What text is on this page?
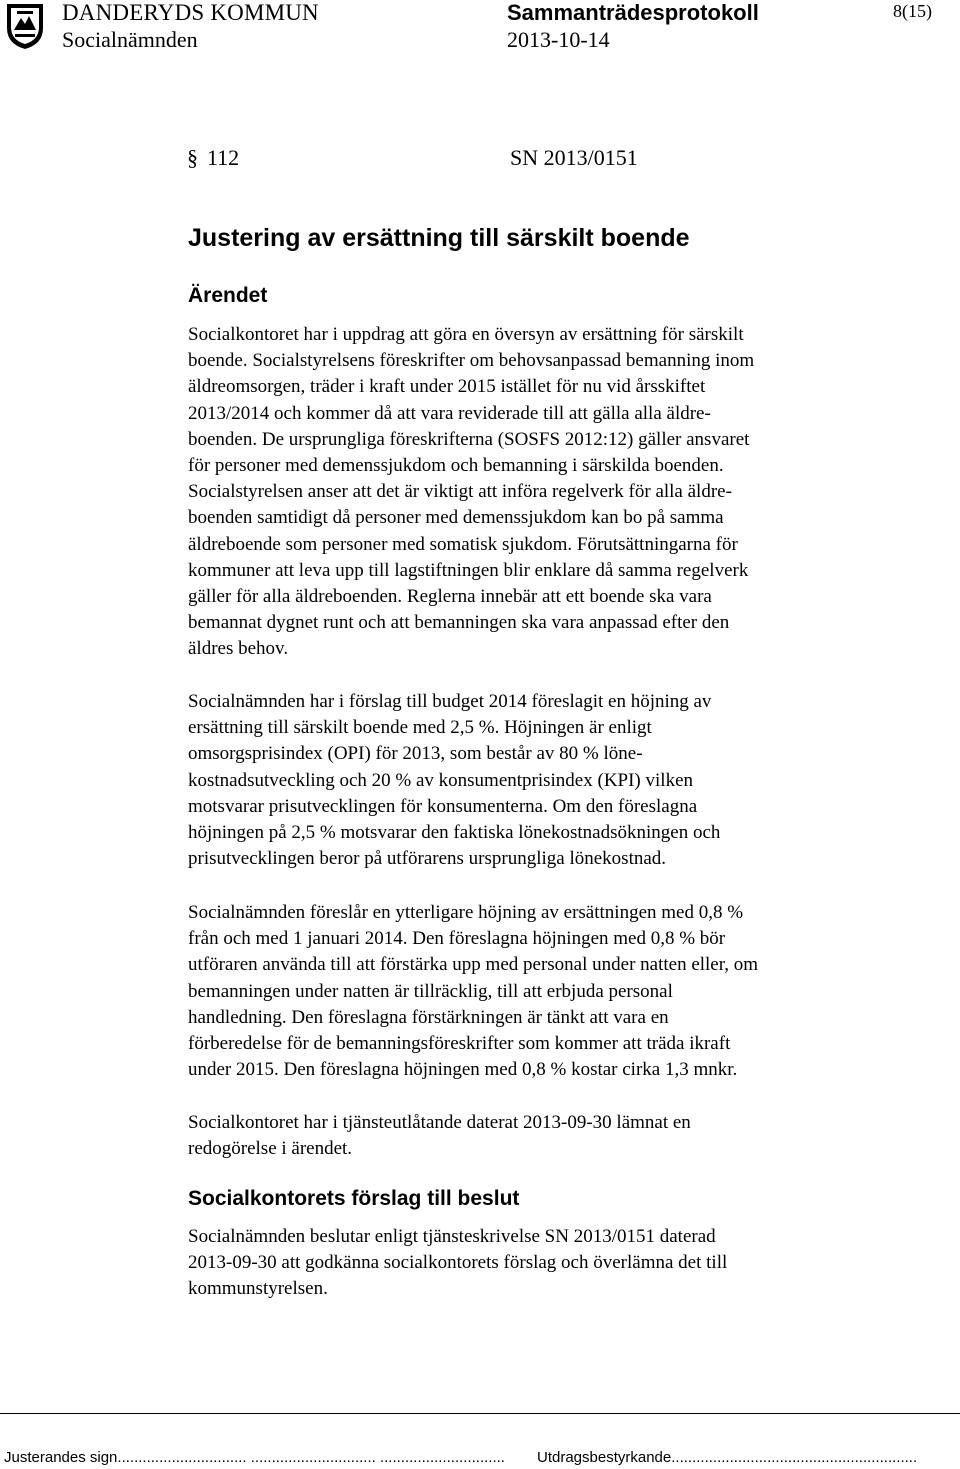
DANDERYDS KOMMUN
Socialnämnden
Sammanträdesprotokoll
2013-10-14
8(15)
§ 112	SN 2013/0151
Justering av ersättning till särskilt boende
Ärendet
Socialkontoret har i uppdrag att göra en översyn av ersättning för särskilt
boende. Socialstyrelsens föreskrifter om behovsanpassad bemanning inom
äldreomsorgen, träder i kraft under 2015 istället för nu vid årsskiftet
2013/2014 och kommer då att vara reviderade till att gälla alla äldre-
boenden. De ursprungliga föreskrifterna (SOSFS 2012:12) gäller ansvaret
för personer med demenssjukdom och bemanning i särskilda boenden.
Socialstyrelsen anser att det är viktigt att införa regelverk för alla äldre-
boenden samtidigt då personer med demenssjukdom kan bo på samma
äldreboende som personer med somatisk sjukdom. Förutsättningarna för
kommuner att leva upp till lagstiftningen blir enklare då samma regelverk
gäller för alla äldreboenden. Reglerna innebär att ett boende ska vara
bemannat dygnet runt och att bemanningen ska vara anpassad efter den
äldres behov.
Socialnämnden har i förslag till budget 2014 föreslagit en höjning av
ersättning till särskilt boende med 2,5 %. Höjningen är enligt
omsorgsprisindex (OPI) för 2013, som består av 80 % löne-
kostnadsutveckling och 20 % av konsumentprisindex (KPI) vilken
motsvarar prisutvecklingen för konsumenterna. Om den föreslagna
höjningen på 2,5 % motsvarar den faktiska lönekostnadsökningen och
prisutvecklingen beror på utförarens ursprungliga lönekostnad.
Socialnämnden föreslår en ytterligare höjning av ersättningen med 0,8 %
från och med 1 januari 2014. Den föreslagna höjningen med 0,8 % bör
utföraren använda till att förstärka upp med personal under natten eller, om
bemanningen under natten är tillräcklig, till att erbjuda personal
handledning. Den föreslagna förstärkningen är tänkt att vara en
förberedelse för de bemanningsföreskrifter som kommer att träda ikraft
under 2015. Den föreslagna höjningen med 0,8 % kostar cirka 1,3 mnkr.
Socialkontoret har i tjänsteutlåtande daterat 2013-09-30 lämnat en
redogörelse i ärendet.
Socialkontorets förslag till beslut
Socialnämnden beslutar enligt tjänsteskrivelse SN 2013/0151 daterad
2013-09-30 att godkänna socialkontorets förslag och överlämna det till
kommunstyrelsen.
Justerandes sign............................... .............................. .............................. Utdragsbestyrkande...........................................................
